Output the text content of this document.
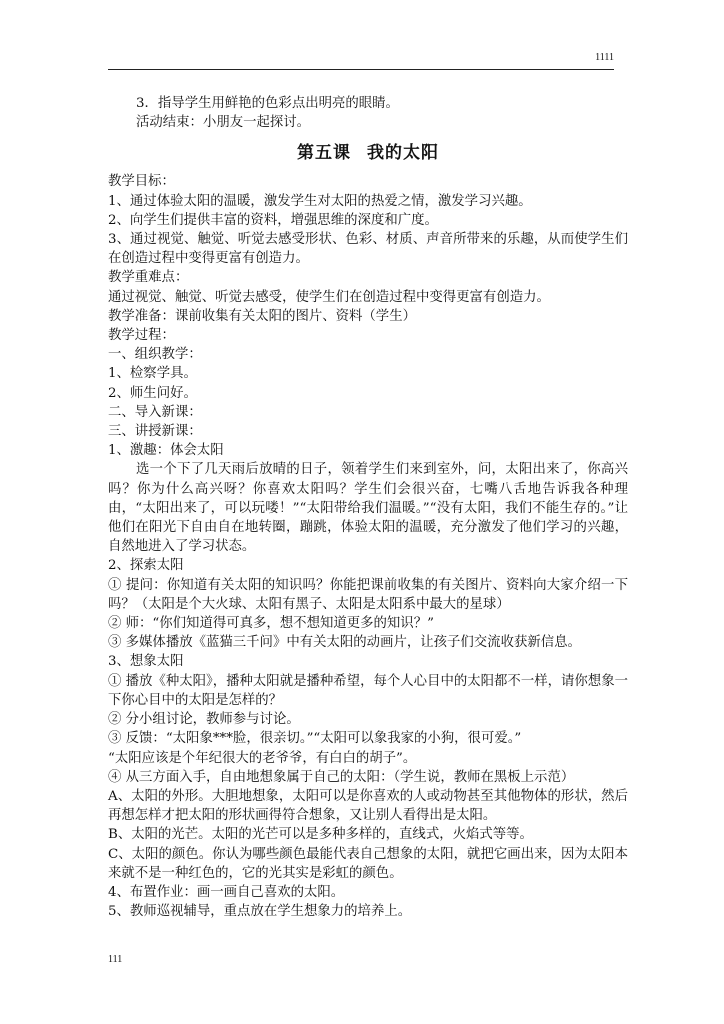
1111
3．指导学生用鲜艳的色彩点出明亮的眼睛。
活动结束：小朋友一起探讨。
第五课 我的太阳
教学目标：
1、通过体验太阳的温暖，激发学生对太阳的热爱之情，激发学习兴趣。
2、向学生们提供丰富的资料，增强思维的深度和广度。
3、通过视觉、触觉、听觉去感受形状、色彩、材质、声音所带来的乐趣，从而使学生们在创造过程中变得更富有创造力。
教学重难点：
通过视觉、触觉、听觉去感受，使学生们在创造过程中变得更富有创造力。
教学准备：课前收集有关太阳的图片、资料（学生）
教学过程：
一、组织教学：
1、检察学具。
2、师生问好。
二、导入新课：
三、讲授新课：
1、激趣：体会太阳
选一个下了几天雨后放晴的日子，领着学生们来到室外，问，太阳出来了，你高兴吗？你为什么高兴呀？你喜欢太阳吗？学生们会很兴奋，七嘴八舌地告诉我各种理由，“太阳出来了，可以玩喽！”“太阳带给我们温暖。”“没有太阳，我们不能生存的。”让他们在阳光下自由自在地转圈，蹦跳，体验太阳的温暖，充分激发了他们学习的兴趣，自然地进入了学习状态。
2、探索太阳
① 提问：你知道有关太阳的知识吗？你能把课前收集的有关图片、资料向大家介绍一下吗？（太阳是个大火球、太阳有黑子、太阳是太阳系中最大的星球）
② 师：“你们知道得可真多，想不想知道更多的知识？”
③ 多媒体播放《蓝猫三千问》中有关太阳的动画片，让孩子们交流收获新信息。
3、想象太阳
① 播放《种太阳》，播种太阳就是播种希望，每个人心目中的太阳都不一样，请你想象一下你心目中的太阳是怎样的？
② 分小组讨论，教师参与讨论。
③ 反馈：“太阳象***脸，很亲切。”“太阳可以象我家的小狗，很可爱。”
“太阳应该是个年纪很大的老爷爷，有白白的胡子”。
④ 从三方面入手，自由地想象属于自己的太阳：（学生说，教师在黑板上示范）
A、太阳的外形。大胆地想象，太阳可以是你喜欢的人或动物甚至其他物体的形状，然后再想怎样才把太阳的形状画得符合想象，又让别人看得出是太阳。
B、太阳的光芒。太阳的光芒可以是多种多样的，直线式，火焰式等等。
C、太阳的颜色。你认为哪些颜色最能代表自己想象的太阳，就把它画出来，因为太阳本来就不是一种红色的，它的光其实是彩虹的颜色。
4、布置作业：画一画自己喜欢的太阳。
5、教师巡视辅导，重点放在学生想象力的培养上。
111
